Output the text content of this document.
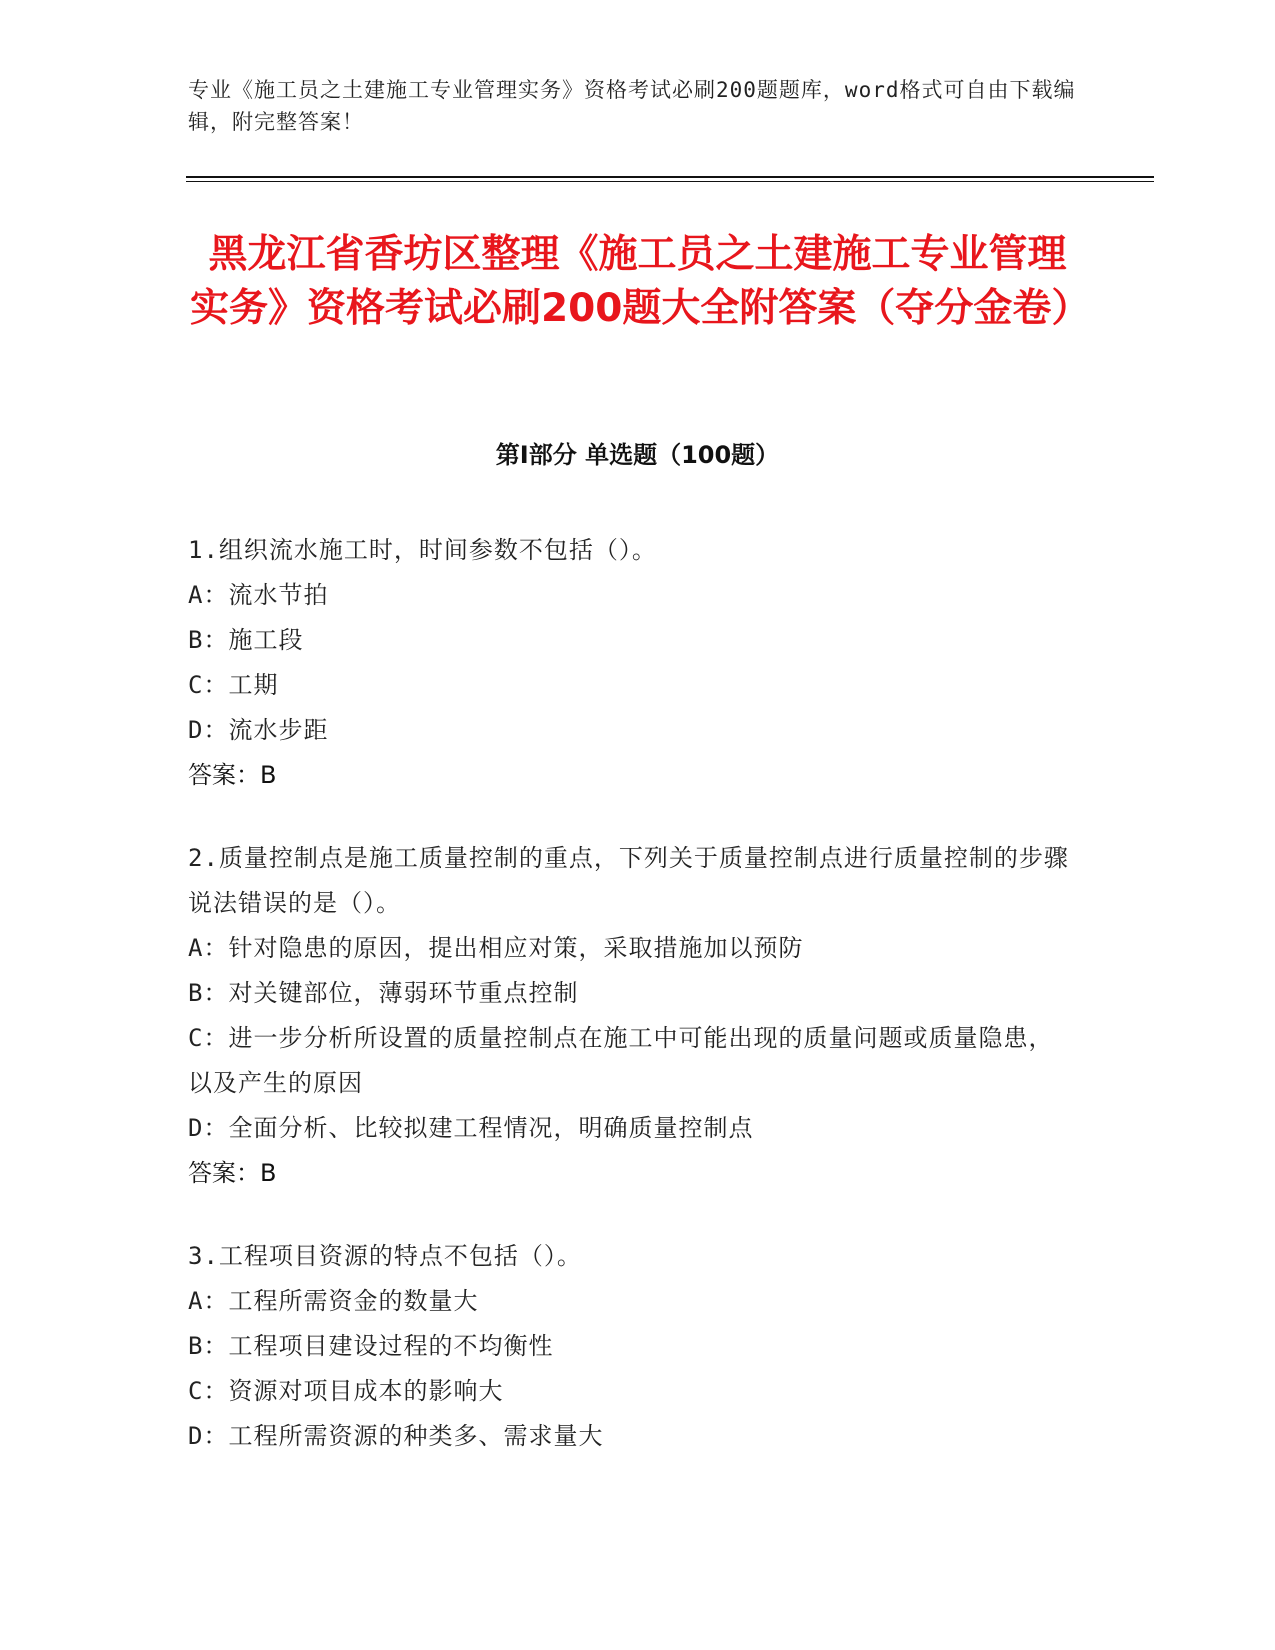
专业《施工员之土建施工专业管理实务》资格考试必刷200题题库，word格式可自由下载编辑，附完整答案！
黑龙江省香坊区整理《施工员之土建施工专业管理实务》资格考试必刷200题大全附答案（夺分金卷）
第Ⅰ部分 单选题（100题）
1.组织流水施工时，时间参数不包括（）。
A：流水节拍
B：施工段
C：工期
D：流水步距
答案：B
2.质量控制点是施工质量控制的重点，下列关于质量控制点进行质量控制的步骤说法错误的是（）。
A：针对隐患的原因，提出相应对策，采取措施加以预防
B：对关键部位，薄弱环节重点控制
C：进一步分析所设置的质量控制点在施工中可能出现的质量问题或质量隐患，以及产生的原因
D：全面分析、比较拟建工程情况，明确质量控制点
答案：B
3.工程项目资源的特点不包括（）。
A：工程所需资金的数量大
B：工程项目建设过程的不均衡性
C：资源对项目成本的影响大
D：工程所需资源的种类多、需求量大
